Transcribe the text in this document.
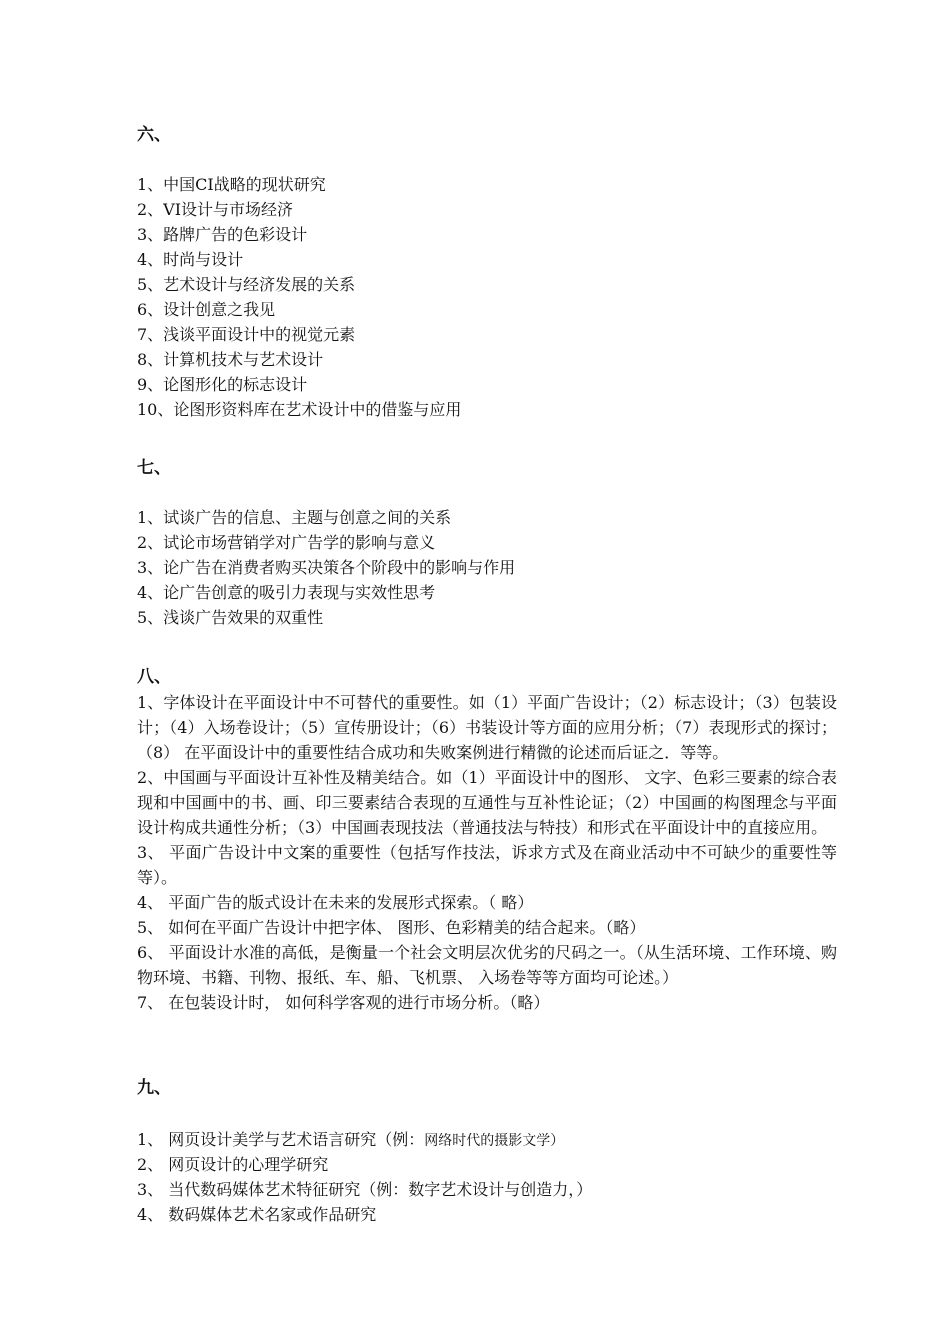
六、
1、中国CI战略的现状研究
2、VI设计与市场经济
3、路牌广告的色彩设计
4、时尚与设计
5、艺术设计与经济发展的关系
6、设计创意之我见
7、浅谈平面设计中的视觉元素
8、计算机技术与艺术设计
9、论图形化的标志设计
10、论图形资料库在艺术设计中的借鉴与应用
七、
1、试谈广告的信息、主题与创意之间的关系
2、试论市场营销学对广告学的影响与意义
3、论广告在消费者购买决策各个阶段中的影响与作用
4、论广告创意的吸引力表现与实效性思考
5、浅谈广告效果的双重性
八、
1、字体设计在平面设计中不可替代的重要性。如（1）平面广告设计；（2）标志设计；（3）包装设计；（4）入场卷设计；（5）宣传册设计；（6）书装设计等方面的应用分析；（7）表现形式的探讨；（8） 在平面设计中的重要性结合成功和失败案例进行精微的论述而后证之．等等。
2、中国画与平面设计互补性及精美结合。如（1）平面设计中的图形、 文字、色彩三要素的综合表现和中国画中的书、画、印三要素结合表现的互通性与互补性论证；（2）中国画的构图理念与平面设计构成共通性分析；（3）中国画表现技法（普通技法与特技）和形式在平面设计中的直接应用。
3、 平面广告设计中文案的重要性（包括写作技法，诉求方式及在商业活动中不可缺少的重要性等等）。
4、 平面广告的版式设计在未来的发展形式探索。（ 略）
5、 如何在平面广告设计中把字体、 图形、色彩精美的结合起来。（略）
6、 平面设计水准的高低，是衡量一个社会文明层次优劣的尺码之一。（从生活环境、工作环境、购物环境、书籍、刊物、报纸、车、船、飞机票、 入场卷等等方面均可论述。）
7、 在包装设计时， 如何科学客观的进行市场分析。（略）
九、
1、 网页设计美学与艺术语言研究（例：网络时代的摄影文学）
2、 网页设计的心理学研究
3、 当代数码媒体艺术特征研究（例：数字艺术设计与创造力，）
4、 数码媒体艺术名家或作品研究
